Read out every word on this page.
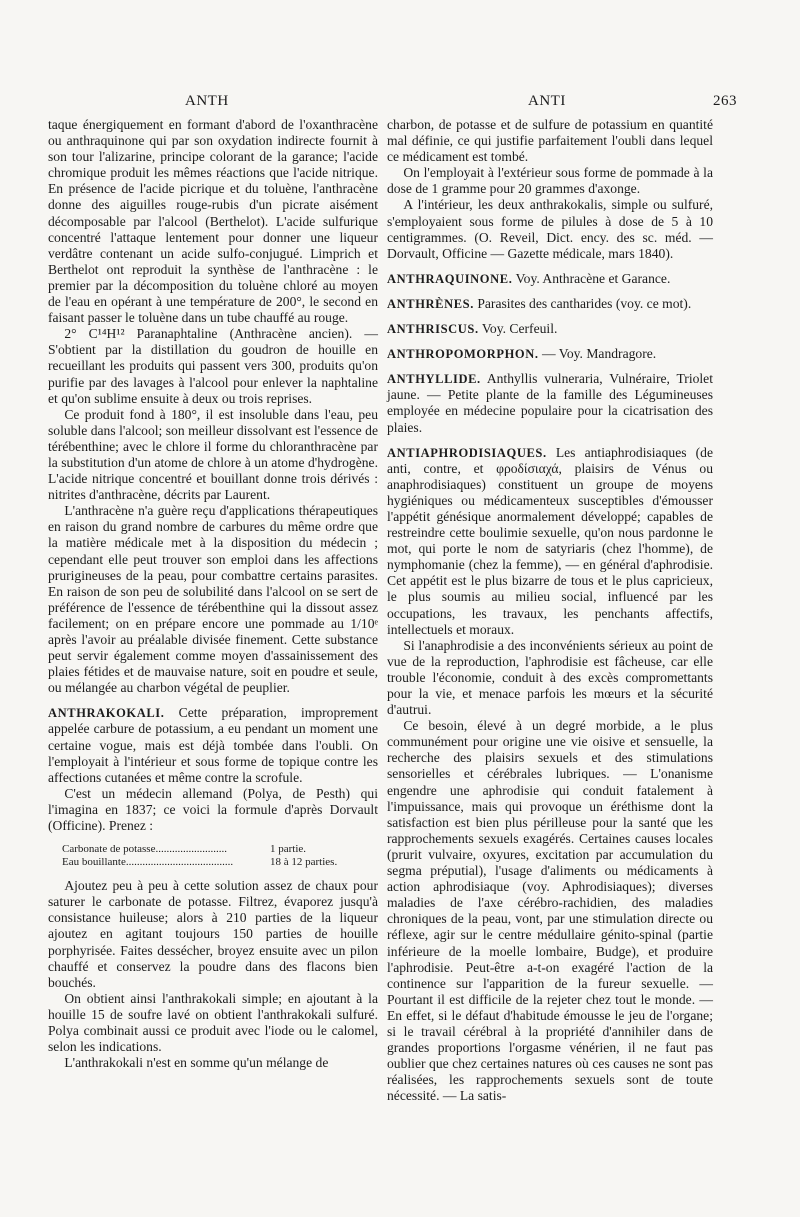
ANTH	ANTI	263

taque énergiquement en formant d'abord de l'oxanthracène ou anthraquinone qui par son oxydation indirecte fournit à son tour l'alizarine, principe colorant de la garance; l'acide chromique produit les mêmes réactions que l'acide nitrique. En présence de l'acide picrique et du toluène, l'anthracène donne des aiguilles rouge-rubis d'un picrate aisément décomposable par l'alcool (Berthelot). L'acide sulfurique concentré l'attaque lentement pour donner une liqueur verdâtre contenant un acide sulfo-conjugué. Limprich et Berthelot ont reproduit la synthèse de l'anthracène : le premier par la décomposition du toluène chloré au moyen de l'eau en opérant à une température de 200°, le second en faisant passer le toluène dans un tube chauffé au rouge.

2° C¹⁴H¹² Paranaphtaline (Anthracène ancien). — S'obtient par la distillation du goudron de houille en recueillant les produits qui passent vers 300, produits qu'on purifie par des lavages à l'alcool pour enlever la naphtaline et qu'on sublime ensuite à deux ou trois reprises.

Ce produit fond à 180°, il est insoluble dans l'eau, peu soluble dans l'alcool; son meilleur dissolvant est l'essence de térébenthine; avec le chlore il forme du chloranthracène par la substitution d'un atome de chlore à un atome d'hydrogène. L'acide nitrique concentré et bouillant donne trois dérivés : nitrites d'anthracène, décrits par Laurent.

L'anthracène n'a guère reçu d'applications thérapeutiques en raison du grand nombre de carbures du même ordre que la matière médicale met à la disposition du médecin ; cependant elle peut trouver son emploi dans les affections prurigineuses de la peau, pour combattre certains parasites. En raison de son peu de solubilité dans l'alcool on se sert de préférence de l'essence de térébenthine qui la dissout assez facilement; on en prépare encore une pommade au 1/10ᵉ après l'avoir au préalable divisée finement. Cette substance peut servir également comme moyen d'assainissement des plaies fétides et de mauvaise nature, soit en poudre et seule, ou mélangée au charbon végétal de peuplier.

ANTHRAKOKALI. Cette préparation, improprement appelée carbure de potassium, a eu pendant un moment une certaine vogue, mais est déjà tombée dans l'oubli. On l'employait à l'intérieur et sous forme de topique contre les affections cutanées et même contre la scrofule.

C'est un médecin allemand (Polya, de Pesth) qui l'imagina en 1837; ce voici la formule d'après Dorvault (Officine). Prenez :

Carbonate de potasse..........................	1 partie.
Eau bouillante.......................................	18 à 12 parties.

Ajoutez peu à peu à cette solution assez de chaux pour saturer le carbonate de potasse. Filtrez, évaporez jusqu'à consistance huileuse; alors à 210 parties de la liqueur ajoutez en agitant toujours 150 parties de houille porphyrisée. Faites dessécher, broyez ensuite avec un pilon chauffé et conservez la poudre dans des flacons bien bouchés.

On obtient ainsi l'anthrakokali simple; en ajoutant à la houille 15 de soufre lavé on obtient l'anthrakokali sulfuré. Polya combinait aussi ce produit avec l'iode ou le calomel, selon les indications.

L'anthrakokali n'est en somme qu'un mélange de

charbon, de potasse et de sulfure de potassium en quantité mal définie, ce qui justifie parfaitement l'oubli dans lequel ce médicament est tombé.

On l'employait à l'extérieur sous forme de pommade à la dose de 1 gramme pour 20 grammes d'axonge.

A l'intérieur, les deux anthrakokalis, simple ou sulfuré, s'employaient sous forme de pilules à dose de 5 à 10 centigrammes. (O. Reveil, Dict. ency. des sc. méd. — Dorvault, Officine — Gazette médicale, mars 1840).

ANTHRAQUINONE. Voy. Anthracène et Garance.

ANTHRÈNES. Parasites des cantharides (voy. ce mot).

ANTHRISCUS. Voy. Cerfeuil.

ANTHROPOMORPHON. — Voy. Mandragore.

ANTHYLLIDE. Anthyllis vulneraria, Vulnéraire, Triolet jaune. — Petite plante de la famille des Légumineuses employée en médecine populaire pour la cicatrisation des plaies.

ANTIAPHRODISIAQUES. Les antiaphrodisiaques (de anti, contre, et φροδίσιαχά, plaisirs de Vénus ou anaphrodisiaques) constituent un groupe de moyens hygiéniques ou médicamenteux susceptibles d'émousser l'appétit génésique anormalement développé; capables de restreindre cette boulimie sexuelle, qu'on nous pardonne le mot, qui porte le nom de satyriaris (chez l'homme), de nymphomanie (chez la femme), — en général d'aphrodisie. Cet appétit est le plus bizarre de tous et le plus capricieux, le plus soumis au milieu social, influencé par les occupations, les travaux, les penchants affectifs, intellectuels et moraux.

Si l'anaphrodisie a des inconvénients sérieux au point de vue de la reproduction, l'aphrodisie est fâcheuse, car elle trouble l'économie, conduit à des excès compromettants pour la vie, et menace parfois les mœurs et la sécurité d'autrui.

Ce besoin, élevé à un degré morbide, a le plus communément pour origine une vie oisive et sensuelle, la recherche des plaisirs sexuels et des stimulations sensorielles et cérébrales lubriques. — L'onanisme engendre une aphrodisie qui conduit fatalement à l'impuissance, mais qui provoque un éréthisme dont la satisfaction est bien plus périlleuse pour la santé que les rapprochements sexuels exagérés. Certaines causes locales (prurit vulvaire, oxyures, excitation par accumulation du segma préputial), l'usage d'aliments ou médicaments à action aphrodisiaque (voy. Aphrodisiaques); diverses maladies de l'axe cérébro-rachidien, des maladies chroniques de la peau, vont, par une stimulation directe ou réflexe, agir sur le centre médullaire génito-spinal (partie inférieure de la moelle lombaire, Budge), et produire l'aphrodisie. Peut-être a-t-on exagéré l'action de la continence sur l'apparition de la fureur sexuelle. — Pourtant il est difficile de la rejeter chez tout le monde. — En effet, si le défaut d'habitude émousse le jeu de l'organe; si le travail cérébral à la propriété d'annihiler dans de grandes proportions l'orgasme vénérien, il ne faut pas oublier que chez certaines natures où ces causes ne sont pas réalisées, les rapprochements sexuels sont de toute nécessité. — La satis-
